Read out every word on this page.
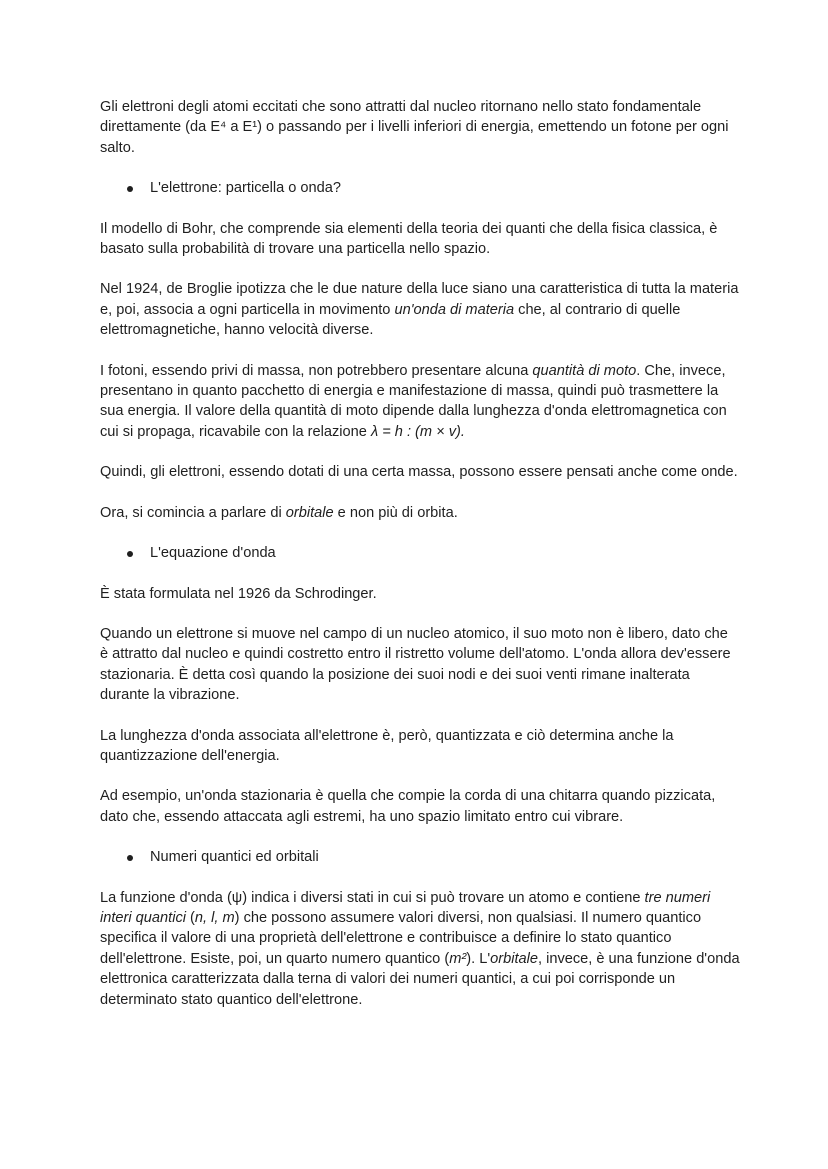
Gli elettroni degli atomi eccitati che sono attratti dal nucleo ritornano nello stato fondamentale direttamente (da E⁴ a E¹) o passando per i livelli inferiori di energia, emettendo un fotone per ogni salto.

L'elettrone: particella o onda?

Il modello di Bohr, che comprende sia elementi della teoria dei quanti che della fisica classica, è basato sulla probabilità di trovare una particella nello spazio.

Nel 1924, de Broglie ipotizza che le due nature della luce siano una caratteristica di tutta la materia e, poi, associa a ogni particella in movimento un'onda di materia che, al contrario di quelle elettromagnetiche, hanno velocità diverse.

I fotoni, essendo privi di massa, non potrebbero presentare alcuna quantità di moto. Che, invece, presentano in quanto pacchetto di energia e manifestazione di massa, quindi può trasmettere la sua energia. Il valore della quantità di moto dipende dalla lunghezza d'onda elettromagnetica con cui si propaga, ricavabile con la relazione λ = h : (m × v).

Quindi, gli elettroni, essendo dotati di una certa massa, possono essere pensati anche come onde.

Ora, si comincia a parlare di orbitale e non più di orbita.

L'equazione d'onda

È stata formulata nel 1926 da Schrodinger.

Quando un elettrone si muove nel campo di un nucleo atomico, il suo moto non è libero, dato che è attratto dal nucleo e quindi costretto entro il ristretto volume dell'atomo. L'onda allora dev'essere stazionaria. È detta così quando la posizione dei suoi nodi e dei suoi venti rimane inalterata durante la vibrazione.

La lunghezza d'onda associata all'elettrone è, però, quantizzata e ciò determina anche la quantizzazione dell'energia.

Ad esempio, un'onda stazionaria è quella che compie la corda di una chitarra quando pizzicata, dato che, essendo attaccata agli estremi, ha uno spazio limitato entro cui vibrare.

Numeri quantici ed orbitali

La funzione d'onda (ψ) indica i diversi stati in cui si può trovare un atomo e contiene tre numeri interi quantici (n, l, m) che possono assumere valori diversi, non qualsiasi. Il numero quantico specifica il valore di una proprietà dell'elettrone e contribuisce a definire lo stato quantico dell'elettrone. Esiste, poi, un quarto numero quantico (m²). L'orbitale, invece, è una funzione d'onda elettronica caratterizzata dalla terna di valori dei numeri quantici, a cui poi corrisponde un determinato stato quantico dell'elettrone.
